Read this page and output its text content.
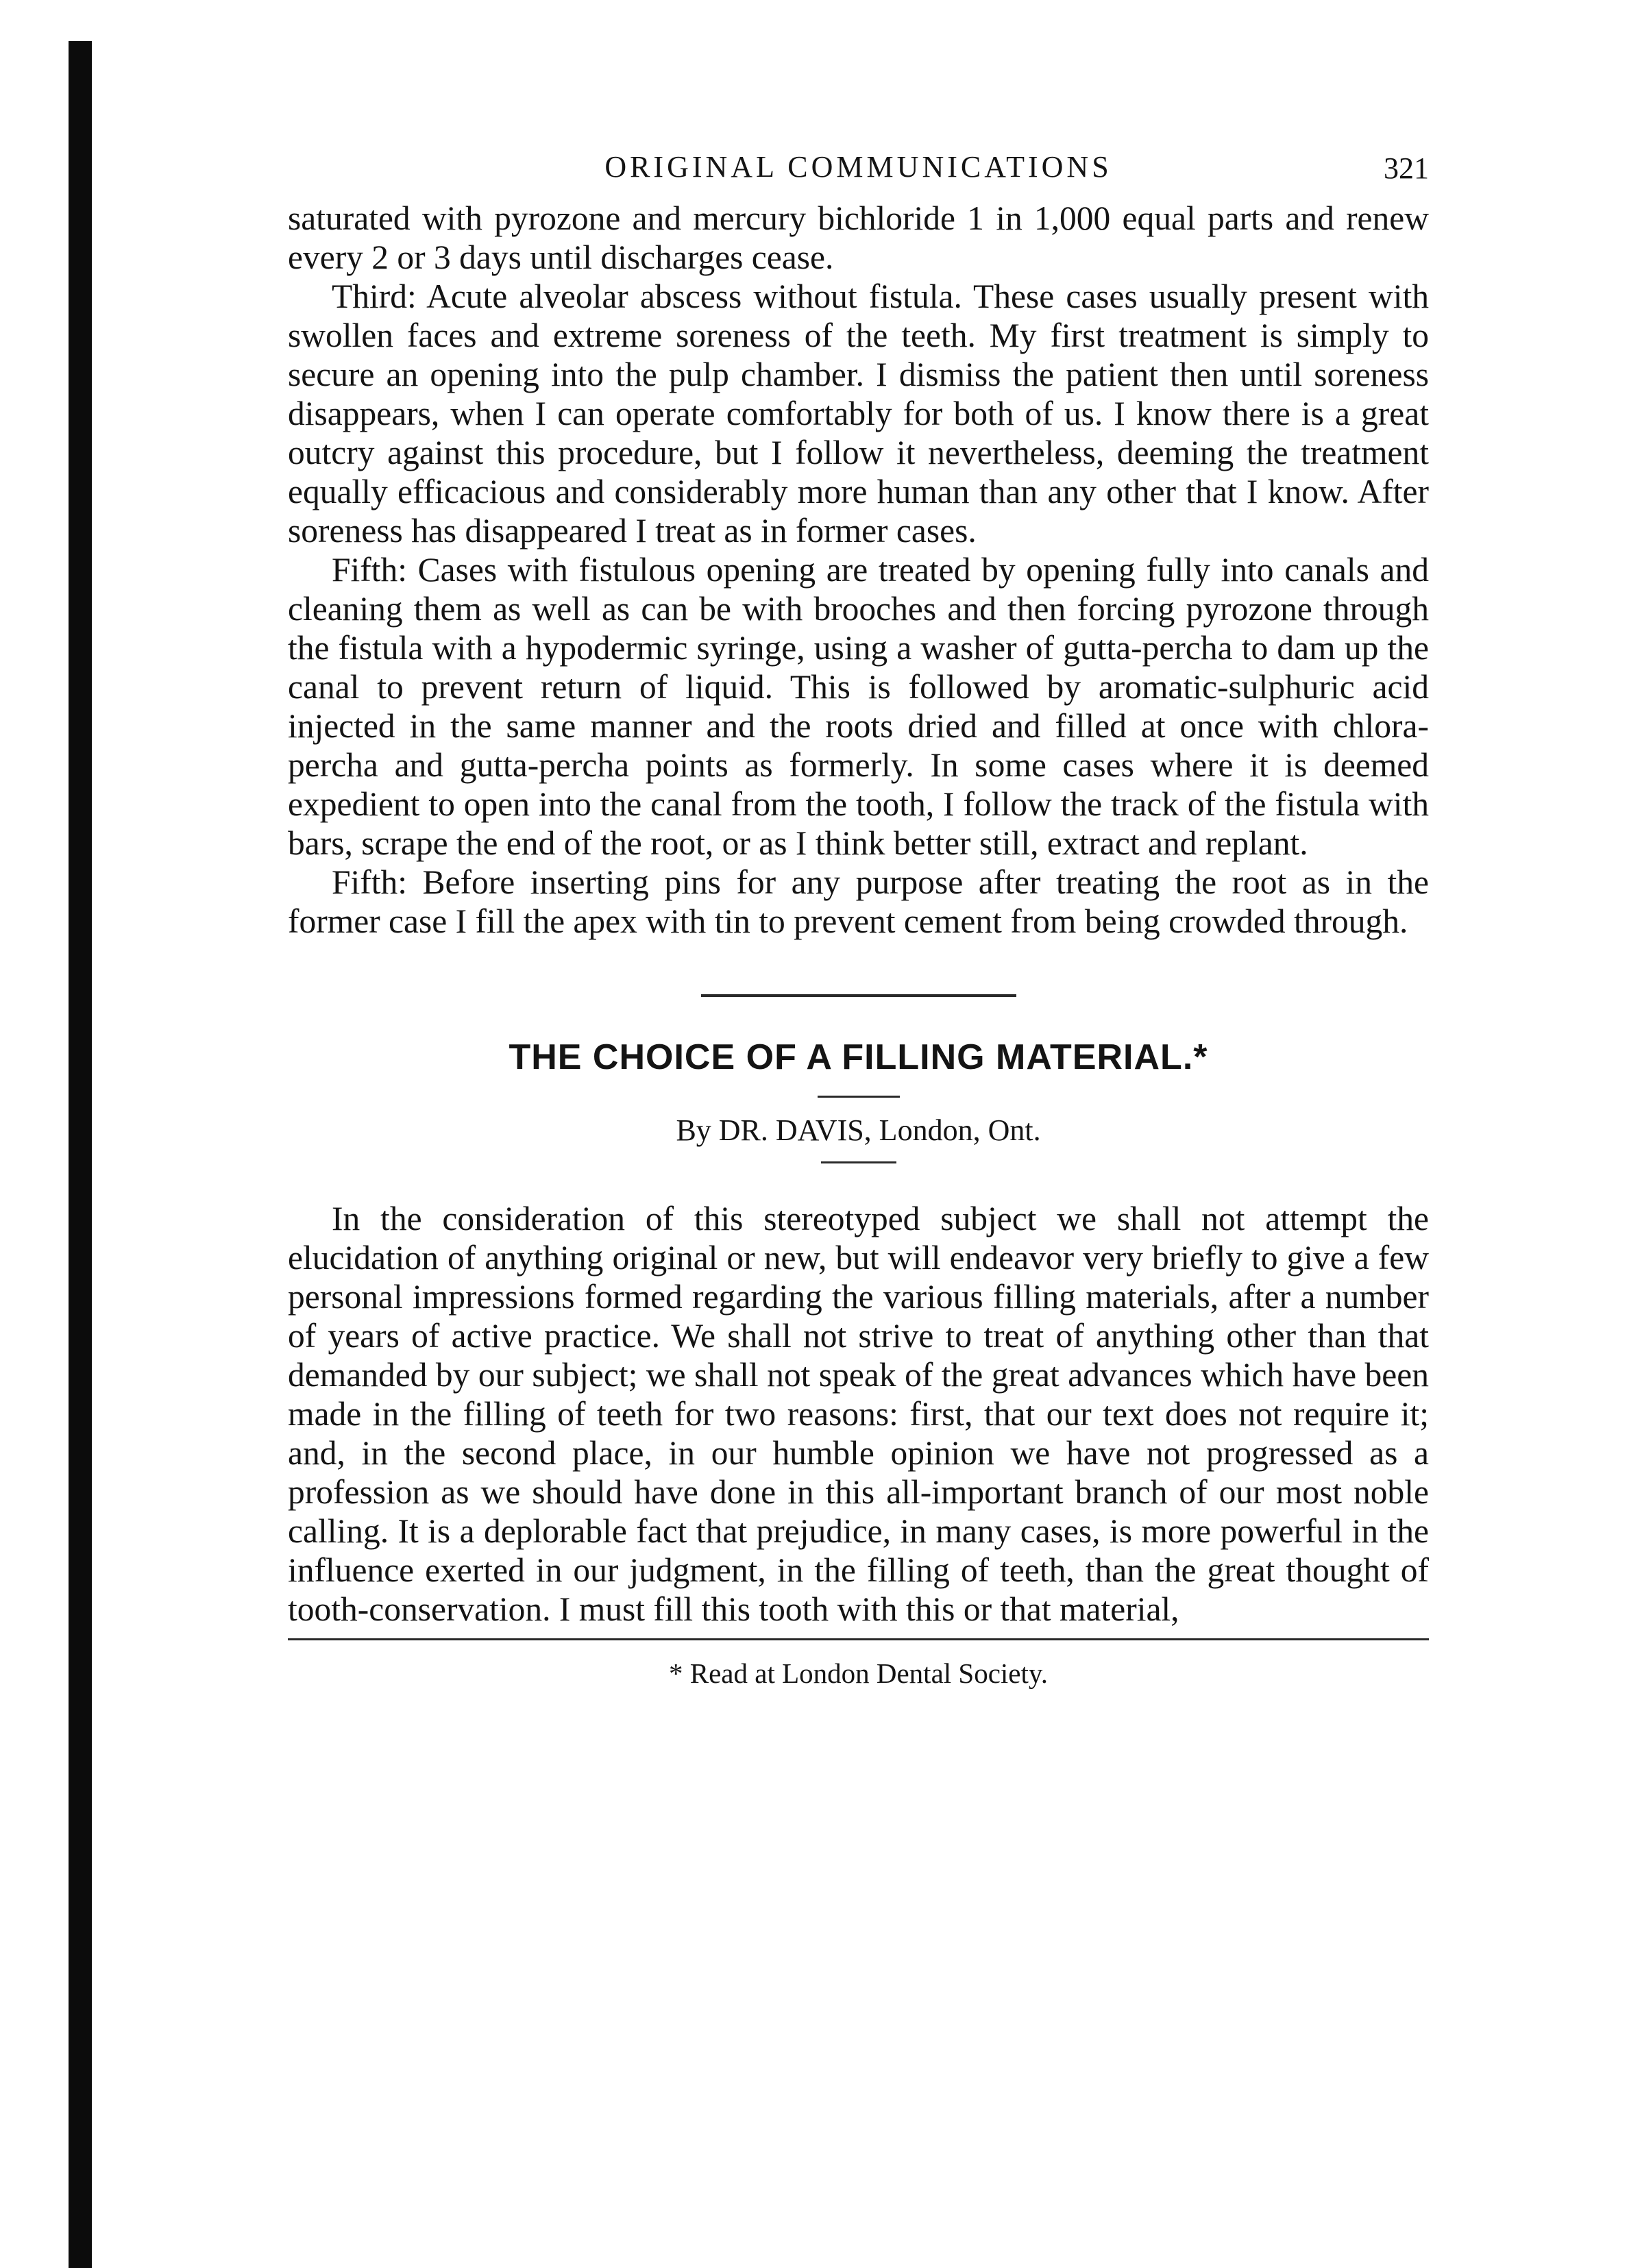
ORIGINAL COMMUNICATIONS	321

saturated with pyrozone and mercury bichloride 1 in 1,000 equal parts and renew every 2 or 3 days until discharges cease.

Third: Acute alveolar abscess without fistula. These cases usually present with swollen faces and extreme soreness of the teeth. My first treatment is simply to secure an opening into the pulp chamber. I dismiss the patient then until soreness disappears, when I can operate comfortably for both of us. I know there is a great outcry against this procedure, but I follow it nevertheless, deeming the treatment equally efficacious and considerably more human than any other that I know. After soreness has disappeared I treat as in former cases.

Fifth: Cases with fistulous opening are treated by opening fully into canals and cleaning them as well as can be with brooches and then forcing pyrozone through the fistula with a hypodermic syringe, using a washer of gutta-percha to dam up the canal to prevent return of liquid. This is followed by aromatic-sulphuric acid injected in the same manner and the roots dried and filled at once with chlora-percha and gutta-percha points as formerly. In some cases where it is deemed expedient to open into the canal from the tooth, I follow the track of the fistula with bars, scrape the end of the root, or as I think better still, extract and replant.

Fifth: Before inserting pins for any purpose after treating the root as in the former case I fill the apex with tin to prevent cement from being crowded through.

THE CHOICE OF A FILLING MATERIAL.*
By DR. DAVIS, London, Ont.

In the consideration of this stereotyped subject we shall not attempt the elucidation of anything original or new, but will endeavor very briefly to give a few personal impressions formed regarding the various filling materials, after a number of years of active practice. We shall not strive to treat of anything other than that demanded by our subject; we shall not speak of the great advances which have been made in the filling of teeth for two reasons: first, that our text does not require it; and, in the second place, in our humble opinion we have not progressed as a profession as we should have done in this all-important branch of our most noble calling. It is a deplorable fact that prejudice, in many cases, is more powerful in the influence exerted in our judgment, in the filling of teeth, than the great thought of tooth-conservation. I must fill this tooth with this or that material,

* Read at London Dental Society.
